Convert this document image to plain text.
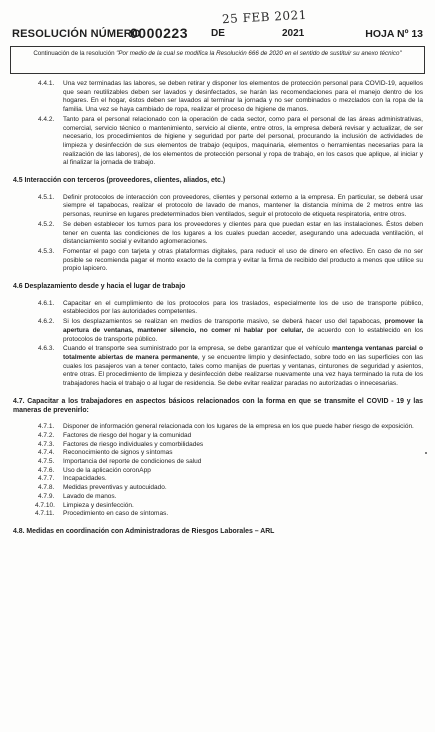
RESOLUCIÓN NÚMERO
0000223 DE	2021	HOJA Nº 13
25 FEB 2021
Continuación de la resolución "Por medio de la cual se modifica la Resolución 666 de 2020 en el sentido de sustituir su anexo técnico"
4.4.1. Una vez terminadas las labores, se deben retirar y disponer los elementos de protección personal para COVID-19, aquellos que sean reutilizables deben ser lavados y desinfectados, se harán las recomendaciones para el manejo dentro de los hogares. En el hogar, éstos deben ser lavados al terminar la jornada y no ser combinados o mezclados con la ropa de la familia. Una vez se haya cambiado de ropa, realizar el proceso de higiene de manos.
4.4.2. Tanto para el personal relacionado con la operación de cada sector, como para el personal de las áreas administrativas, comercial, servicio técnico o mantenimiento, servicio al cliente, entre otros, la empresa deberá revisar y actualizar, de ser necesario, los procedimientos de higiene y seguridad por parte del personal, procurando la inclusión de actividades de limpieza y desinfección de sus elementos de trabajo (equipos, maquinaria, elementos o herramientas necesarias para la realización de las labores), de los elementos de protección personal y ropa de trabajo, en los casos que aplique, al iniciar y al finalizar la jornada de trabajo.
4.5 Interacción con terceros (proveedores, clientes, aliados, etc.)
4.5.1. Definir protocolos de interacción con proveedores, clientes y personal externo a la empresa. En particular, se deberá usar siempre el tapabocas, realizar el protocolo de lavado de manos, mantener la distancia mínima de 2 metros entre las personas, reunirse en lugares predeterminados bien ventilados, seguir el protocolo de etiqueta respiratoria, entre otros.
4.5.2. Se deben establecer los turnos para los proveedores y clientes para que puedan estar en las instalaciones. Éstos deben tener en cuenta las condiciones de los lugares a los cuales puedan acceder, asegurando una adecuada ventilación, el distanciamiento social y evitando aglomeraciones.
4.5.3. Fomentar el pago con tarjeta y otras plataformas digitales, para reducir el uso de dinero en efectivo. En caso de no ser posible se recomienda pagar el monto exacto de la compra y evitar la firma de recibido del producto a menos que utilice su propio lapicero.
4.6 Desplazamiento desde y hacia el lugar de trabajo
4.6.1. Capacitar en el cumplimiento de los protocolos para los traslados, especialmente los de uso de transporte público, establecidos por las autoridades competentes.
4.6.2. Si los desplazamientos se realizan en medios de transporte masivo, se deberá hacer uso del tapabocas, promover la apertura de ventanas, mantener silencio, no comer ni hablar por celular, de acuerdo con lo establecido en los protocolos de transporte público.
4.6.3. Cuando el transporte sea suministrado por la empresa, se debe garantizar que el vehículo mantenga ventanas parcial o totalmente abiertas de manera permanente, y se encuentre limpio y desinfectado, sobre todo en las superficies con las cuales los pasajeros van a tener contacto, tales como manijas de puertas y ventanas, cinturones de seguridad y asientos, entre otras. El procedimiento de limpieza y desinfección debe realizarse nuevamente una vez haya terminado la ruta de los trabajadores hacia el trabajo o al lugar de residencia. Se debe evitar realizar paradas no autorizadas o innecesarias.
4.7. Capacitar a los trabajadores en aspectos básicos relacionados con la forma en que se transmite el COVID - 19 y las maneras de prevenirlo:
4.7.1. Disponer de información general relacionada con los lugares de la empresa en los que puede haber riesgo de exposición.
4.7.2. Factores de riesgo del hogar y la comunidad
4.7.3. Factores de riesgo individuales y comorbilidades
4.7.4. Reconocimiento de signos y síntomas
4.7.5. Importancia del reporte de condiciones de salud
4.7.6. Uso de la aplicación coronApp
4.7.7. Incapacidades.
4.7.8. Medidas preventivas y autocuidado.
4.7.9. Lavado de manos.
4.7.10. Limpieza y desinfección.
4.7.11. Procedimiento en caso de síntomas.
4.8. Medidas en coordinación con Administradoras de Riesgos Laborales – ARL
